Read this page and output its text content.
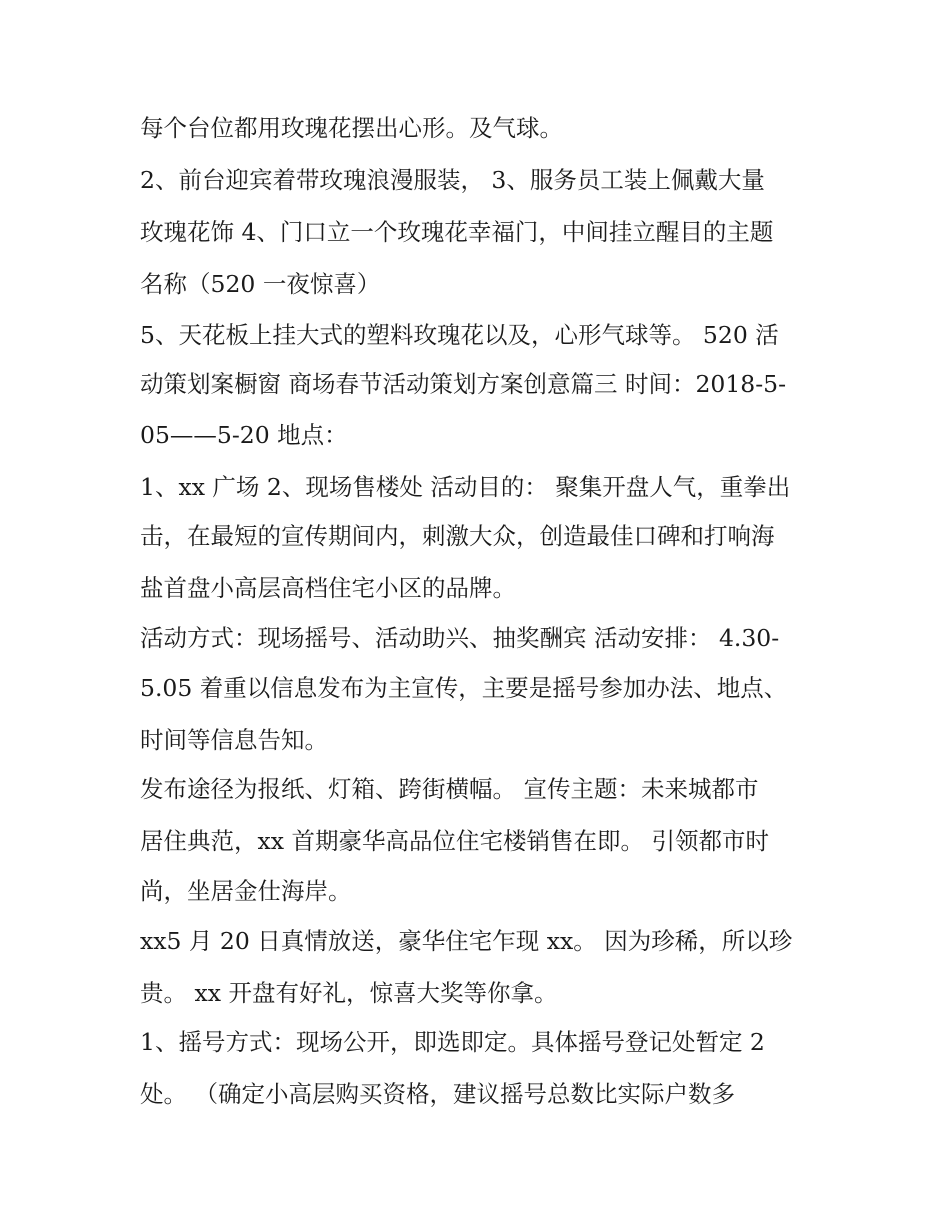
每个台位都用玫瑰花摆出心形。及气球。
2、前台迎宾着带玫瑰浪漫服装， 3、服务员工装上佩戴大量
玫瑰花饰 4、门口立一个玫瑰花幸福门，中间挂立醒目的主题
名称（520 一夜惊喜）
5、天花板上挂大式的塑料玫瑰花以及，心形气球等。 520 活
动策划案橱窗 商场春节活动策划方案创意篇三 时间：2018-5-
05——5-20 地点：
1、xx 广场 2、现场售楼处 活动目的： 聚集开盘人气，重拳出
击，在最短的宣传期间内，刺激大众，创造最佳口碑和打响海
盐首盘小高层高档住宅小区的品牌。
活动方式：现场摇号、活动助兴、抽奖酬宾 活动安排： 4.30-
5.05 着重以信息发布为主宣传，主要是摇号参加办法、地点、
时间等信息告知。
发布途径为报纸、灯箱、跨街横幅。 宣传主题：未来城都市
居住典范，xx 首期豪华高品位住宅楼销售在即。 引领都市时
尚，坐居金仕海岸。
xx5 月 20 日真情放送，豪华住宅乍现 xx。 因为珍稀，所以珍
贵。 xx 开盘有好礼，惊喜大奖等你拿。
1、摇号方式：现场公开，即选即定。具体摇号登记处暂定 2
处。 （确定小高层购买资格，建议摇号总数比实际户数多
